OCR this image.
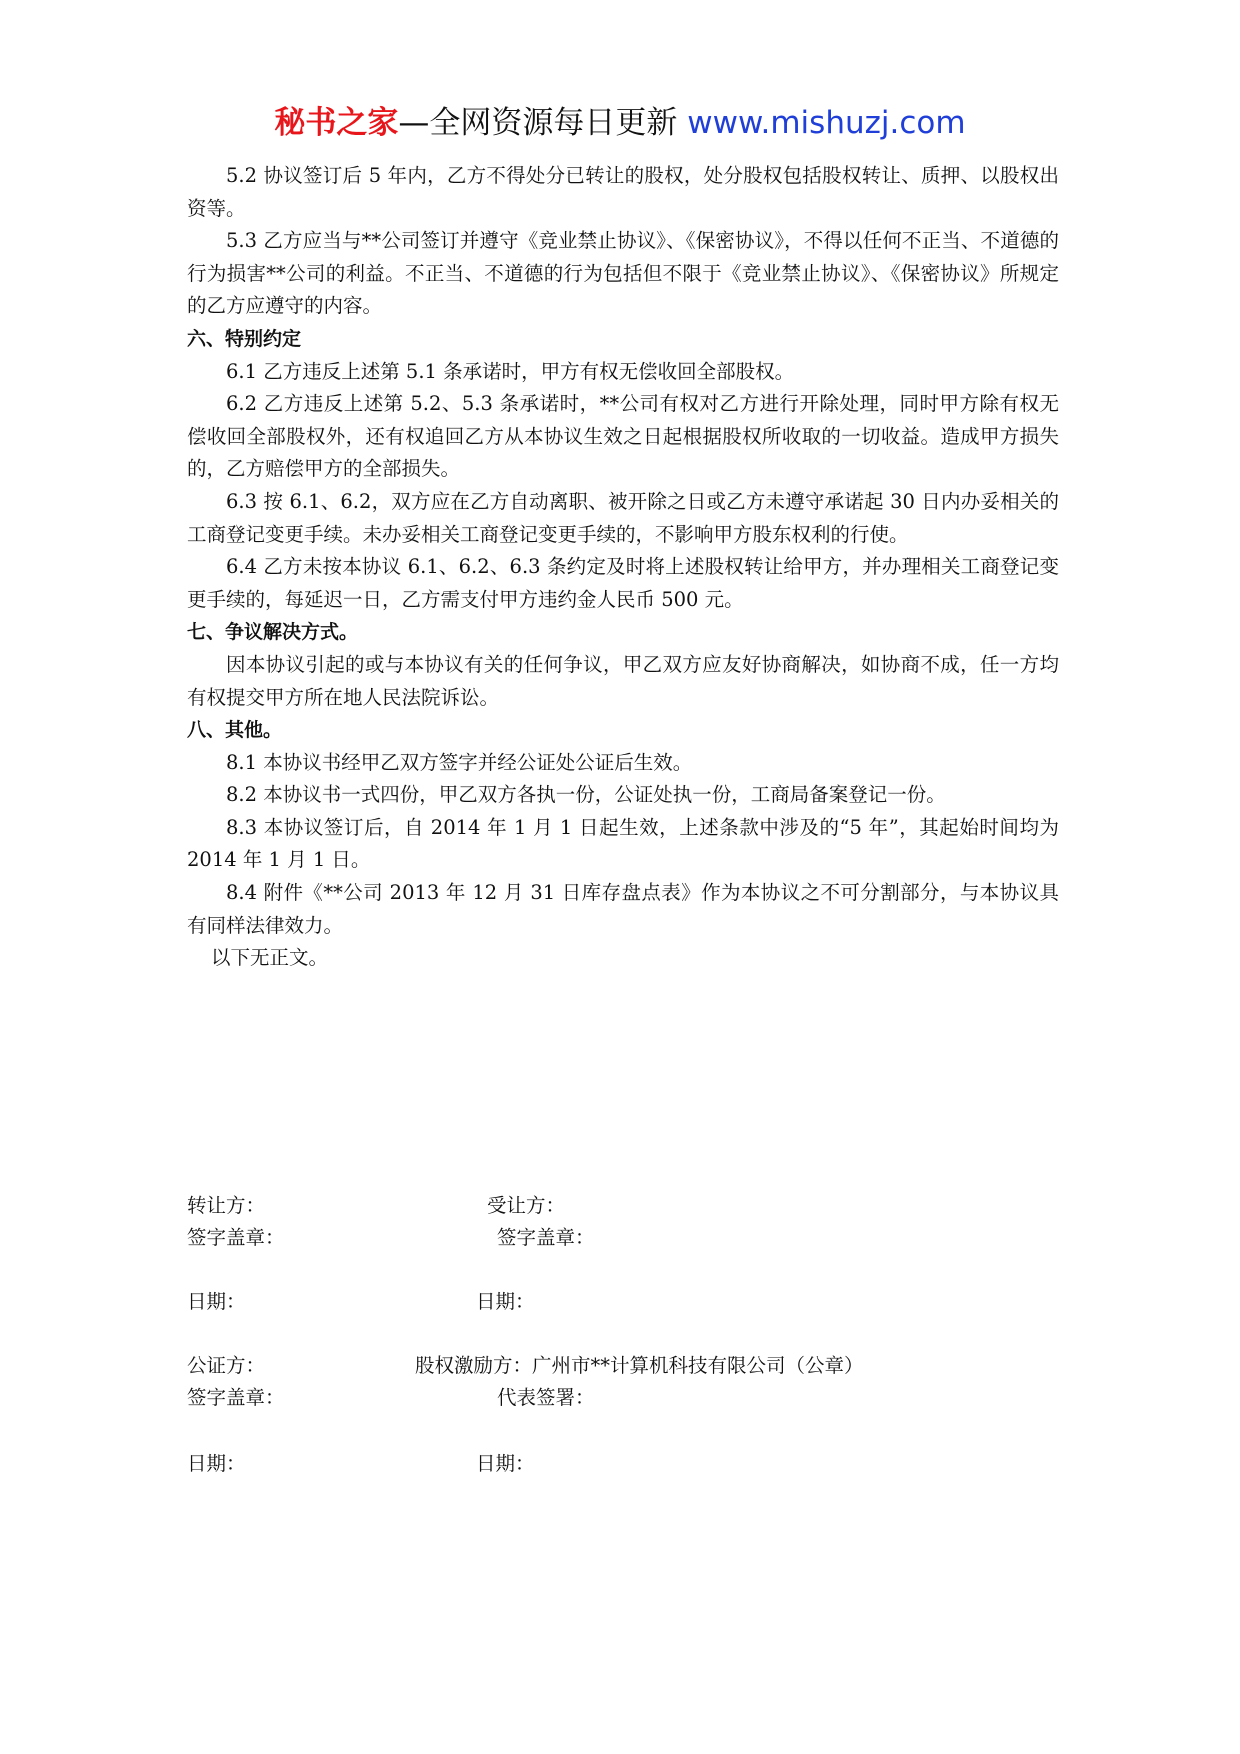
秘书之家—全网资源每日更新 www.mishuzj.com

5.2 协议签订后 5 年内，乙方不得处分已转让的股权，处分股权包括股权转让、质押、以股权出资等。

5.3 乙方应当与**公司签订并遵守《竞业禁止协议》、《保密协议》，不得以任何不正当、不道德的行为损害**公司的利益。不正当、不道德的行为包括但不限于《竞业禁止协议》、《保密协议》所规定的乙方应遵守的内容。

六、特别约定

6.1 乙方违反上述第 5.1 条承诺时，甲方有权无偿收回全部股权。

6.2 乙方违反上述第 5.2、5.3 条承诺时，**公司有权对乙方进行开除处理，同时甲方除有权无偿收回全部股权外，还有权追回乙方从本协议生效之日起根据股权所收取的一切收益。造成甲方损失的，乙方赔偿甲方的全部损失。

6.3 按 6.1、6.2，双方应在乙方自动离职、被开除之日或乙方未遵守承诺起 30 日内办妥相关的工商登记变更手续。未办妥相关工商登记变更手续的，不影响甲方股东权利的行使。

6.4 乙方未按本协议 6.1、6.2、6.3 条约定及时将上述股权转让给甲方，并办理相关工商登记变更手续的，每延迟一日，乙方需支付甲方违约金人民币 500 元。

七、争议解决方式。

因本协议引起的或与本协议有关的任何争议，甲乙双方应友好协商解决，如协商不成，任一方均有权提交甲方所在地人民法院诉讼。

八、其他。

8.1 本协议书经甲乙双方签字并经公证处公证后生效。

8.2 本协议书一式四份，甲乙双方各执一份，公证处执一份，工商局备案登记一份。

8.3 本协议签订后，自 2014 年 1 月 1 日起生效，上述条款中涉及的“5 年”，其起始时间均为 2014 年 1 月 1 日。

8.4 附件《**公司 2013 年 12 月 31 日库存盘点表》作为本协议之不可分割部分，与本协议具有同样法律效力。

以下无正文。

转让方：	受让方：
签字盖章：	签字盖章：
日期：	日期：
公证方：	股权激励方：广州市**计算机科技有限公司（公章）
签字盖章：	代表签署：
日期：	日期：
